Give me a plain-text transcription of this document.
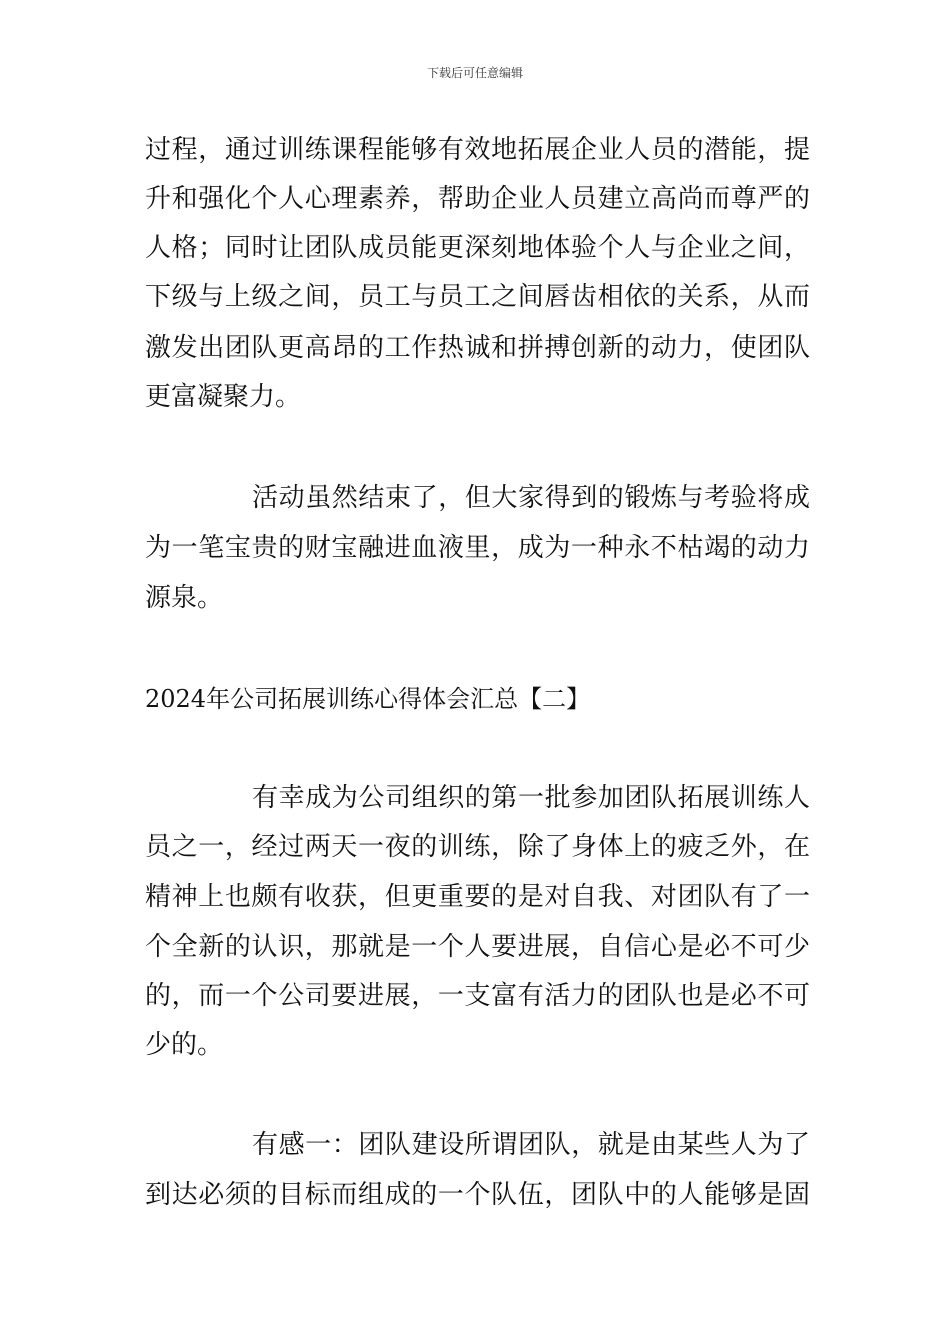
下载后可任意编辑
过程，通过训练课程能够有效地拓展企业人员的潜能，提
升和强化个人心理素养，帮助企业人员建立高尚而尊严的
人格；同时让团队成员能更深刻地体验个人与企业之间，
下级与上级之间，员工与员工之间唇齿相依的关系，从而
激发出团队更高昂的工作热诚和拼搏创新的动力，使团队
更富凝聚力。
活动虽然结束了，但大家得到的锻炼与考验将成
为一笔宝贵的财宝融进血液里，成为一种永不枯竭的动力
源泉。
2024年公司拓展训练心得体会汇总【二】
有幸成为公司组织的第一批参加团队拓展训练人
员之一，经过两天一夜的训练，除了身体上的疲乏外，在
精神上也颇有收获，但更重要的是对自我、对团队有了一
个全新的认识，那就是一个人要进展，自信心是必不可少
的，而一个公司要进展，一支富有活力的团队也是必不可
少的。
有感一：团队建设所谓团队，就是由某些人为了
到达必须的目标而组成的一个队伍，团队中的人能够是固
